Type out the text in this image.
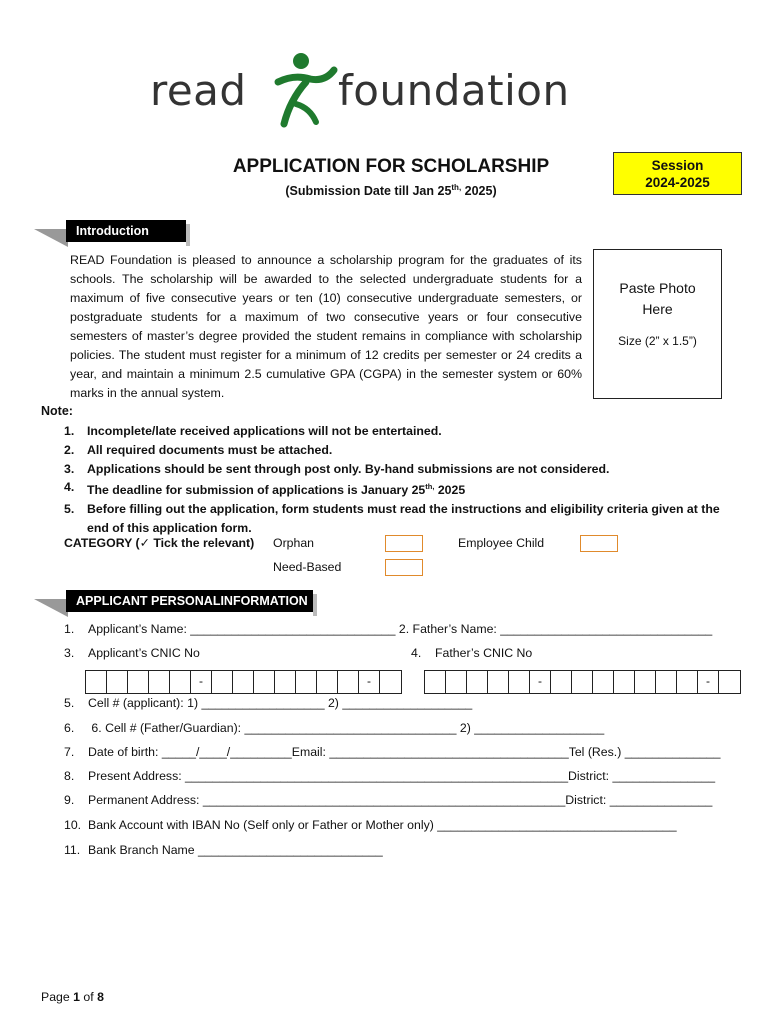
read foundation
APPLICATION FOR SCHOLARSHIP
(Submission Date till Jan $25^{th,}$ 2025)
Session
2024-2025
Introduction
READ Foundation is pleased to announce a scholarship program for the graduates of its schools. The scholarship will be awarded to the selected undergraduate students for a maximum of five consecutive years or ten (10) consecutive undergraduate semesters, or postgraduate students for a maximum of two consecutive years or four consecutive semesters of master’s degree provided the student remains in compliance with scholarship policies. The student must register for a minimum of 12 credits per semester or 24 credits a year, and maintain a minimum 2.5 cumulative GPA (CGPA) in the semester system or 60% marks in the annual system.
Paste Photo
Here
Size (2” x 1.5”)
Note:
1.	Incomplete/late received applications will not be entertained.
2.	All required documents must be attached.
3.	Applications should be sent through post only. By-hand submissions are not considered.
4.	The deadline for submission of applications is January $25^{th,}$ 2025
5.	Before filling out the application, form students must read the instructions and eligibility criteria given at the end of this application form.
CATEGORY (✓ Tick the relevant) Orphan	Employee Child
Need-Based
APPLICANT PERSONALINFORMATION
1. Applicant’s Name: ______________________________ 2. Father’s Name: _______________________________
3. Applicant’s CNIC No	4. Father’s CNIC No
-	-	-	-
5. Cell # (applicant): 1) __________________ 2) ___________________
6. 6. Cell # (Father/Guardian): _______________________________ 2) ___________________
7. Date of birth: _____/____/_________Email: ___________________________________Tel (Res.) ______________
8. Present Address: ________________________________________________________District: _______________
9. Permanent Address: _____________________________________________________District: _______________
10. Bank Account with IBAN No (Self only or Father or Mother only) ___________________________________
11. Bank Branch Name ___________________________
Page 1 of 8
